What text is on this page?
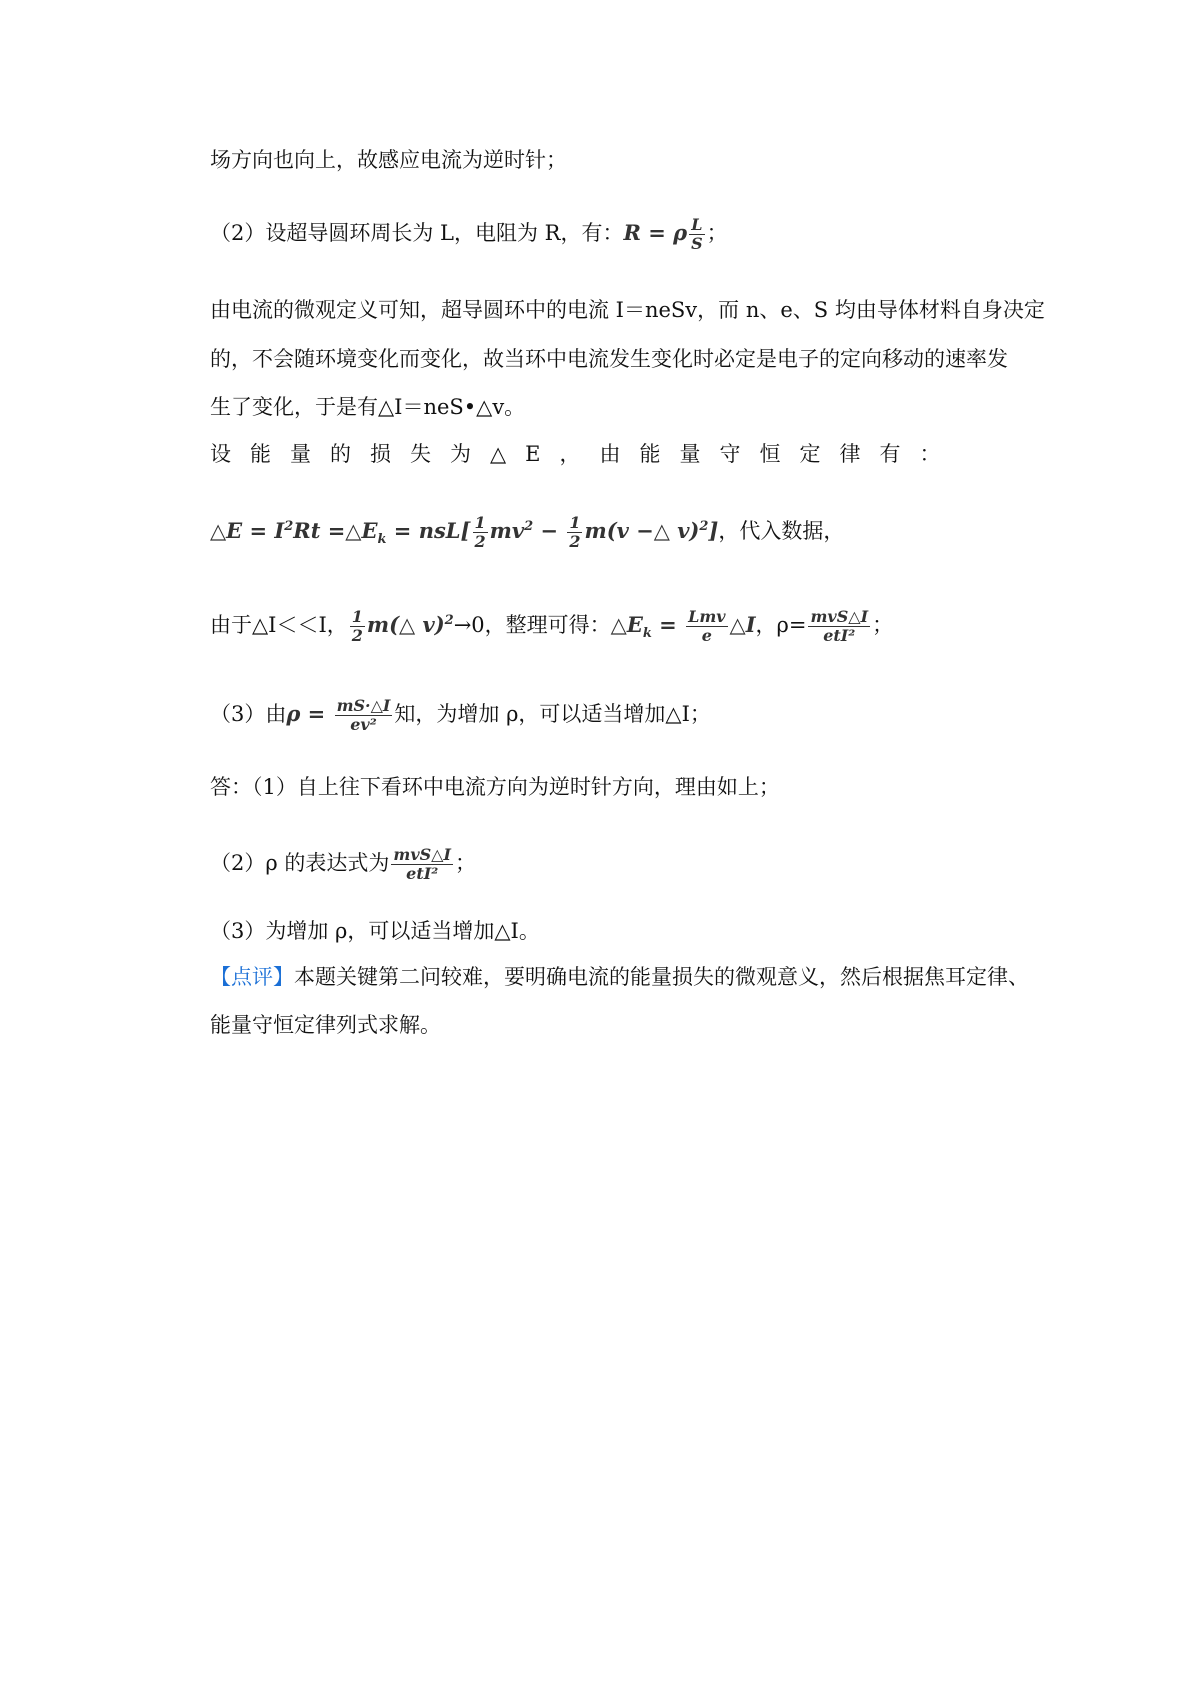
场方向也向上，故感应电流为逆时针；
（2）设超导圆环周长为 L，电阻为 R，有：R = ρ $\frac{L}{S}$ ；
由电流的微观定义可知，超导圆环中的电流 I＝neSv，而 n、e、S 均由导体材料自身决定
的，不会随环境变化而变化，故当环中电流发生变化时必定是电子的定向移动的速率发
生了变化，于是有△I＝neS•△v。
设能量的损失为△E，由能量守恒定律有：
△E = $I^2Rt$ $=\triangle E_k = nsL[ \frac{1}{2} mv^2 - \frac{1}{2} m(v$ −△ v)$^2$]，代入数据，
由于△I＜＜I， $\frac{1}{2}$ m(△ v)$^2$→0，整理可得：$\triangle E_k = \frac{\text{Lmv}}{e}$ △I，$\rho= \frac{\text{mvS△I}}{\text{etI²}}$ ；
（3）由$\rho = \frac{mS\cdot\triangle I}{\text{ev²}}$ 知，为增加 ρ，可以适当增加△I；
答：（1）自上往下看环中电流方向为逆时针方向，理由如上；
（2）ρ 的表达式为 $\frac{\text{mvS△I}}{\text{etI²}}$ ；
（3）为增加 ρ，可以适当增加△I。
【点评】本题关键第二问较难，要明确电流的能量损失的微观意义，然后根据焦耳定律、
能量守恒定律列式求解。
